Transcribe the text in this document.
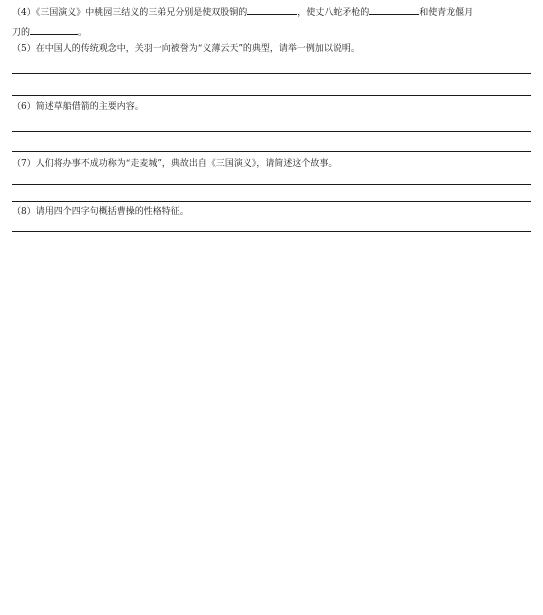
（4）《三国演义》中桃园三结义的三弟兄分别是使双股铜的	，使丈八蛇矛枪的	和使青龙偃月
刀的	。
（5）在中国人的传统观念中，关羽一向被誉为“义薄云天”的典型，请举一例加以说明。
（6）简述草船借箭的主要内容。
（7）人们将办事不成功称为“走麦城”，典故出自《三国演义》，请简述这个故事。
（8）请用四个四字句概括曹操的性格特征。
